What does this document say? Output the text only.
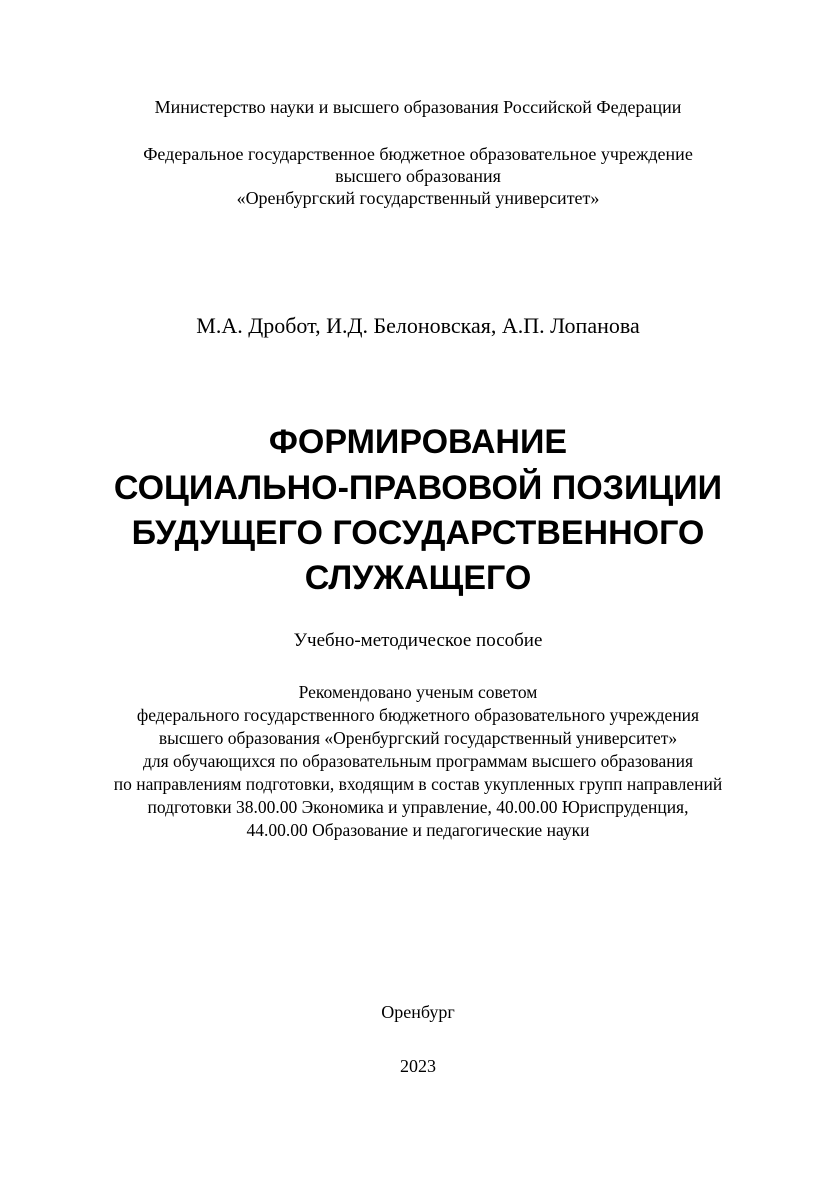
Министерство науки и высшего образования Российской Федерации
Федеральное государственное бюджетное образовательное учреждение
высшего образования
«Оренбургский государственный университет»
М.А. Дробот, И.Д. Белоновская, А.П. Лопанова
ФОРМИРОВАНИЕ
СОЦИАЛЬНО-ПРАВОВОЙ ПОЗИЦИИ
БУДУЩЕГО ГОСУДАРСТВЕННОГО
СЛУЖАЩЕГО
Учебно-методическое пособие
Рекомендовано ученым советом
федерального государственного бюджетного образовательного учреждения
высшего образования «Оренбургский государственный университет»
для обучающихся по образовательным программам высшего образования
по направлениям подготовки, входящим в состав укупленных групп направлений
подготовки 38.00.00 Экономика и управление, 40.00.00 Юриспруденция,
44.00.00 Образование и педагогические науки
Оренбург
2023
